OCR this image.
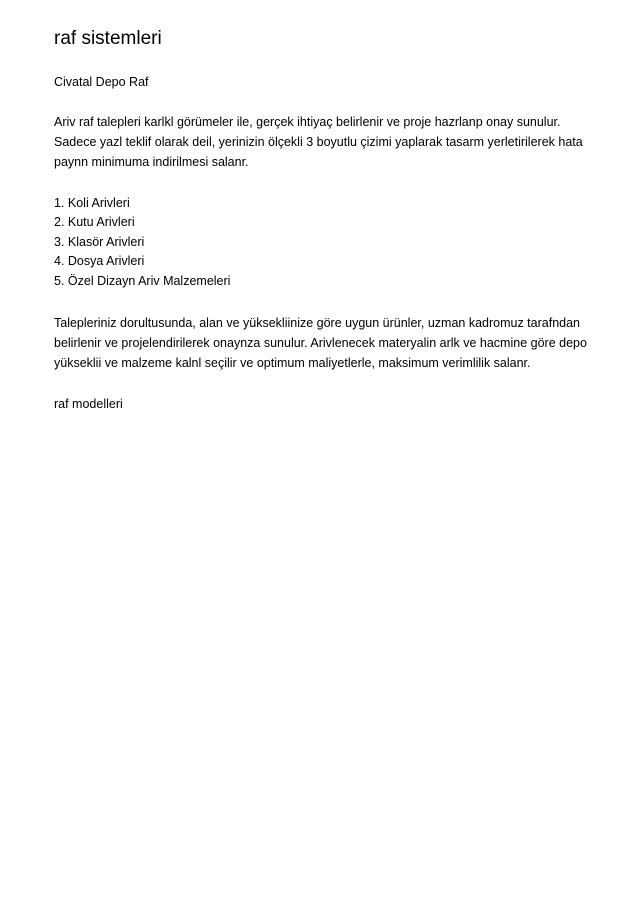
raf sistemleri

Civatal Depo Raf

Ariv raf talepleri karlkl görümeler ile, gerçek ihtiyaç belirlenir ve proje hazrlanp onay sunulur. Sadece yazl teklif olarak deil, yerinizin ölçekli 3 boyutlu çizimi yaplarak tasarm yerletirilerek hata paynn minimuma indirilmesi salanr.

1. Koli Arivleri
2. Kutu Arivleri
3. Klasör Arivleri
4. Dosya Arivleri
5. Özel Dizayn Ariv Malzemeleri

Talepleriniz dorultusunda, alan ve yüksekliinize göre uygun ürünler, uzman kadromuz tarafndan belirlenir ve projelendirilerek onaynza sunulur. Arivlenecek materyalin arlk ve hacmine göre depo yükseklii ve malzeme kalnl seçilir ve optimum maliyetlerle, maksimum verimlilik salanr.

raf modelleri
